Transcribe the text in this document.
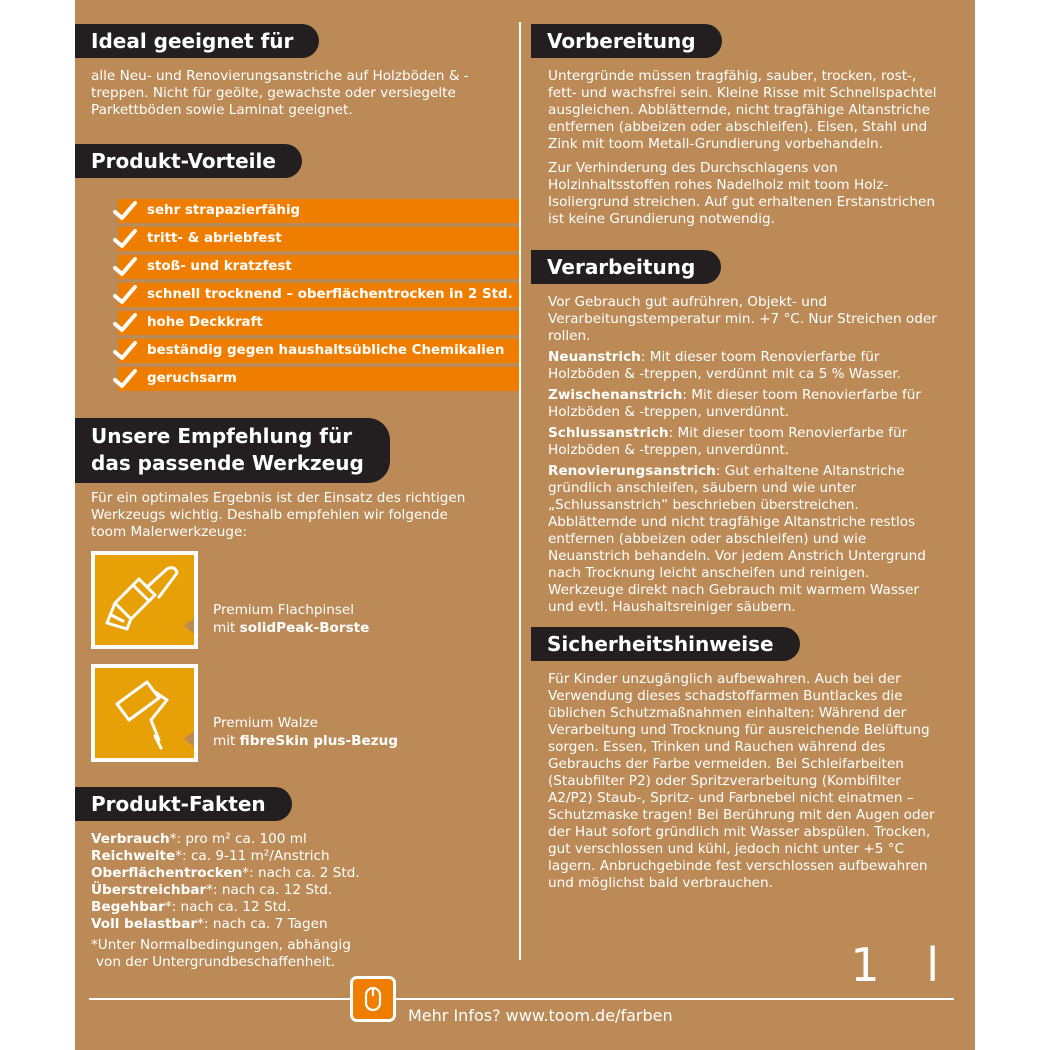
Ideal geeignet für

alle Neu- und Renovierungsanstriche auf Holzböden & -treppen. Nicht für geölte, gewachste oder versiegelte Parkettböden sowie Laminat geeignet.

Produkt-Vorteile
sehr strapazierfähig
tritt- & abriebfest
stoß- und kratzfest
schnell trocknend – oberflächentrocken in 2 Std.
hohe Deckkraft
beständig gegen haushaltsübliche Chemikalien
geruchsarm
Unsere Empfehlung für
das passende Werkzeug

Für ein optimales Ergebnis ist der Einsatz des richtigen Werkzeugs wichtig. Deshalb empfehlen wir folgende toom Malerwerkzeuge:

Premium Flachpinsel
mit solidPeak-Borste
Premium Walze
mit fibreSkin plus-Bezug
Produkt-Fakten
Verbrauch*: pro m² ca. 100 ml
Reichweite*: ca. 9-11 m²/Anstrich
Oberflächentrocken*: nach ca. 2 Std.
Überstreichbar*: nach ca. 12 Std.
Begehbar*: nach ca. 12 Std.
Voll belastbar*: nach ca. 7 Tagen
*Unter Normalbedingungen, abhängig
von der Untergrundbeschaffenheit.
Vorbereitung

Untergründe müssen tragfähig, sauber, trocken, rost-, fett- und wachsfrei sein. Kleine Risse mit Schnellspachtel ausgleichen. Abblätternde, nicht tragfähige Altanstriche entfernen (abbeizen oder abschleifen). Eisen, Stahl und Zink mit toom Metall-Grundierung vorbehandeln.

Zur Verhinderung des Durchschlagens von Holzinhaltsstoffen rohes Nadelholz mit toom Holz-Isoliergrund streichen. Auf gut erhaltenen Erstanstrichen ist keine Grundierung notwendig.

Verarbeitung

Vor Gebrauch gut aufrühren, Objekt- und Verarbeitungstemperatur min. +7 °C. Nur Streichen oder rollen.

Neuanstrich: Mit dieser toom Renovierfarbe für Holzböden & -treppen, verdünnt mit ca 5 % Wasser.

Zwischenanstrich: Mit dieser toom Renovierfarbe für Holzböden & -treppen, unverdünnt.

Schlussanstrich: Mit dieser toom Renovierfarbe für Holzböden & -treppen, unverdünnt.

Renovierungsanstrich: Gut erhaltene Altanstriche gründlich anschleifen, säubern und wie unter „Schlussanstrich“ beschrieben überstreichen. Abblätternde und nicht tragfähige Altanstriche restlos entfernen (abbeizen oder abschleifen) und wie Neuanstrich behandeln. Vor jedem Anstrich Untergrund nach Trocknung leicht anscheifen und reinigen. Werkzeuge direkt nach Gebrauch mit warmem Wasser und evtl. Haushaltsreiniger säubern.

Sicherheitshinweise

Für Kinder unzugänglich aufbewahren. Auch bei der Verwendung dieses schadstoffarmen Buntlackes die üblichen Schutzmaßnahmen einhalten: Während der Verarbeitung und Trocknung für ausreichende Belüftung sorgen. Essen, Trinken und Rauchen während des Gebrauchs der Farbe vermeiden. Bei Schleifarbeiten (Staubfilter P2) oder Spritzverarbeitung (Kombifilter A2/P2) Staub-, Spritz- und Farbnebel nicht einatmen – Schutzmaske tragen! Bei Berührung mit den Augen oder der Haut sofort gründlich mit Wasser abspülen. Trocken, gut verschlossen und kühl, jedoch nicht unter +5 °C lagern. Anbruchgebinde fest verschlossen aufbewahren und möglichst bald verbrauchen.

1 l
Mehr Infos? www.toom.de/farben
